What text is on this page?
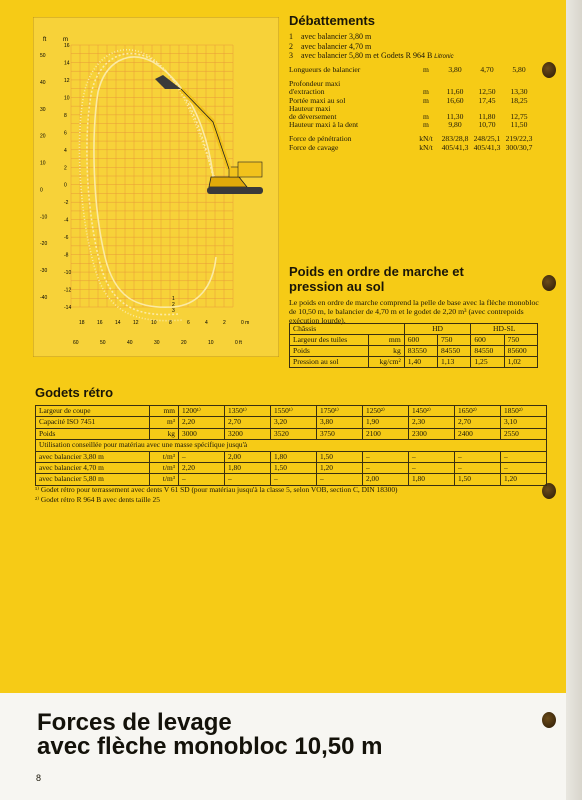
ft	m
16
14
12
10
8
6
4
2
0
-2
-4
-6
-8
-10
-12
-14
50
40
30
20
10
0
-10
-20
-30
-40
18 16 14 12 10 8	6	4	2	0 m
60	50	40	30	20	10	0 ft
1
2
3
Débattements
1 avec balancier 3,80 m
2 avec balancier 4,70 m
3 avec balancier 5,80 m et Godets R 964 B Litronic
Longueurs de balancier	m	3,80	4,70	5,80
Profondeur maxi				
d'extraction	m	11,60	12,50	13,30
Portée maxi au sol	m	16,60	17,45	18,25
Hauteur maxi				
de déversement	m	11,30	11,80	12,75
Hauteur maxi à la dent	m	9,80	10,70	11,50
Force de pénétration	kN/t	283/28,8	248/25,1	219/22,3
Force de cavage	kN/t	405/41,3	405/41,3	300/30,7
Poids en ordre de marche et
pression au sol

Le poids en ordre de marche comprend la pelle de base avec la flèche monobloc de 10,50 m, le balancier de 4,70 m et le godet de 2,20 m³ (avec contrepoids exécution lourde).

Châssis		HD		HD-SL	
Largeur des tuiles	mm	600	750	600	750
Poids	kg	83550	84550	84550	85600
Pression au sol	kg/cm²	1,40	1,13	1,25	1,02
Godets rétro
Largeur de coupe	mm	1200¹⁾	1350¹⁾	1550¹⁾	1750¹⁾	1250²⁾	1450²⁾	1650²⁾	1850²⁾
Capacité ISO 7451	m³	2,20	2,70	3,20	3,80	1,90	2,30	2,70	3,10
Poids	kg	3000	3200	3520	3750	2100	2300	2400	2550
Utilisation conseillée pour matériau avec une masse spécifique jusqu'à									
avec balancier 3,80 m	t/m³	–	2,00	1,80	1,50	–	–	–	–
avec balancier 4,70 m	t/m³	2,20	1,80	1,50	1,20	–	–	–	–
avec balancier 5,80 m	t/m³	–	–	–	–	2,00	1,80	1,50	1,20
¹⁾ Godet rétro pour terrassement avec dents V 61 SD (pour matériau jusqu'à la classe 5, selon VOB, section C, DIN 18300)
²⁾ Godet rétro R 964 B avec dents taille 25
Forces de levage
avec flèche monobloc 10,50 m
8
